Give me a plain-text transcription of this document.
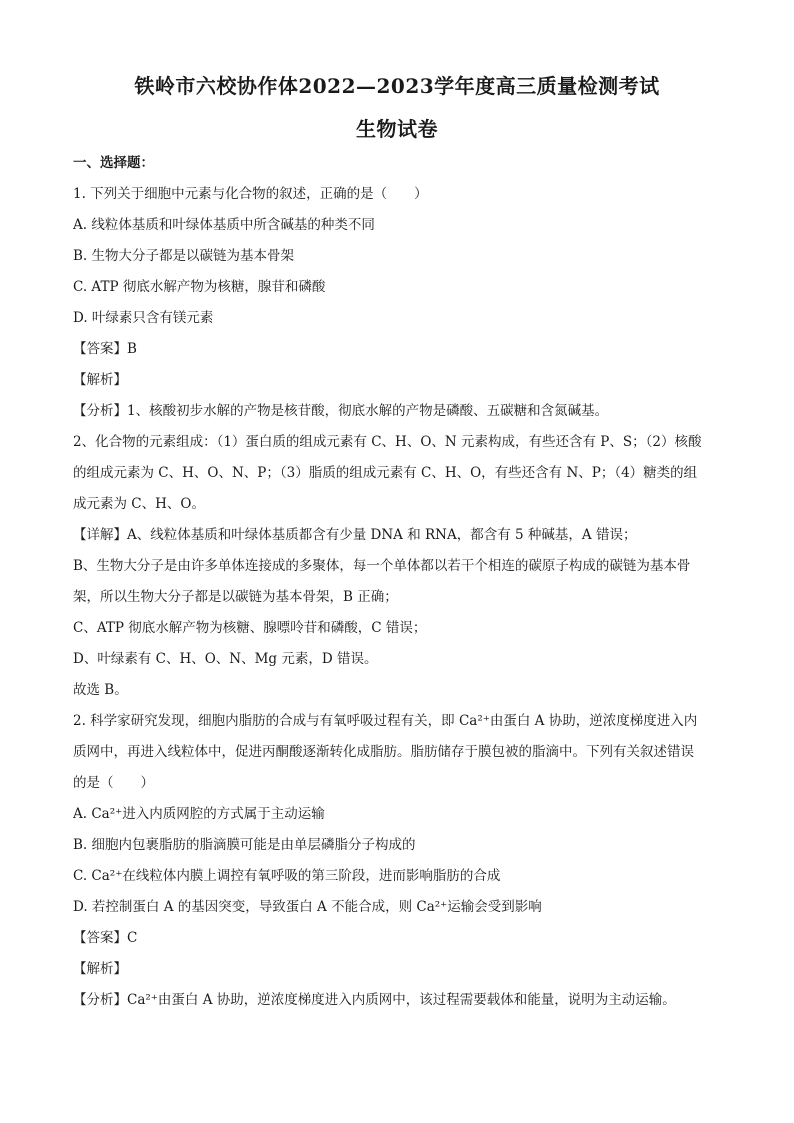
铁岭市六校协作体2022—2023学年度高三质量检测考试
生物试卷
一、选择题：
1. 下列关于细胞中元素与化合物的叙述，正确的是（　　）
A. 线粒体基质和叶绿体基质中所含碱基的种类不同
B. 生物大分子都是以碳链为基本骨架
C. ATP 彻底水解产物为核糖，腺苷和磷酸
D. 叶绿素只含有镁元素
【答案】B
【解析】
【分析】1、核酸初步水解的产物是核苷酸，彻底水解的产物是磷酸、五碳糖和含氮碱基。
2、化合物的元素组成：（1）蛋白质的组成元素有 C、H、O、N 元素构成，有些还含有 P、S；（2）核酸
的组成元素为 C、H、O、N、P；（3）脂质的组成元素有 C、H、O，有些还含有 N、P；（4）糖类的组
成元素为 C、H、O。
【详解】A、线粒体基质和叶绿体基质都含有少量 DNA 和 RNA，都含有 5 种碱基，A 错误；
B、生物大分子是由许多单体连接成的多聚体，每一个单体都以若干个相连的碳原子构成的碳链为基本骨
架，所以生物大分子都是以碳链为基本骨架，B 正确；
C、ATP 彻底水解产物为核糖、腺嘌呤苷和磷酸，C 错误；
D、叶绿素有 C、H、O、N、Mg 元素，D 错误。
故选 B。
2. 科学家研究发现，细胞内脂肪的合成与有氧呼吸过程有关，即 Ca²⁺由蛋白 A 协助，逆浓度梯度进入内
质网中，再进入线粒体中，促进丙酮酸逐渐转化成脂肪。脂肪储存于膜包被的脂滴中。下列有关叙述错误
的是（　　）
A. Ca²⁺进入内质网腔的方式属于主动运输
B. 细胞内包裹脂肪的脂滴膜可能是由单层磷脂分子构成的
C. Ca²⁺在线粒体内膜上调控有氧呼吸的第三阶段，进而影响脂肪的合成
D. 若控制蛋白 A 的基因突变，导致蛋白 A 不能合成，则 Ca²⁺运输会受到影响
【答案】C
【解析】
【分析】Ca²⁺由蛋白 A 协助，逆浓度梯度进入内质网中，该过程需要载体和能量，说明为主动运输。
